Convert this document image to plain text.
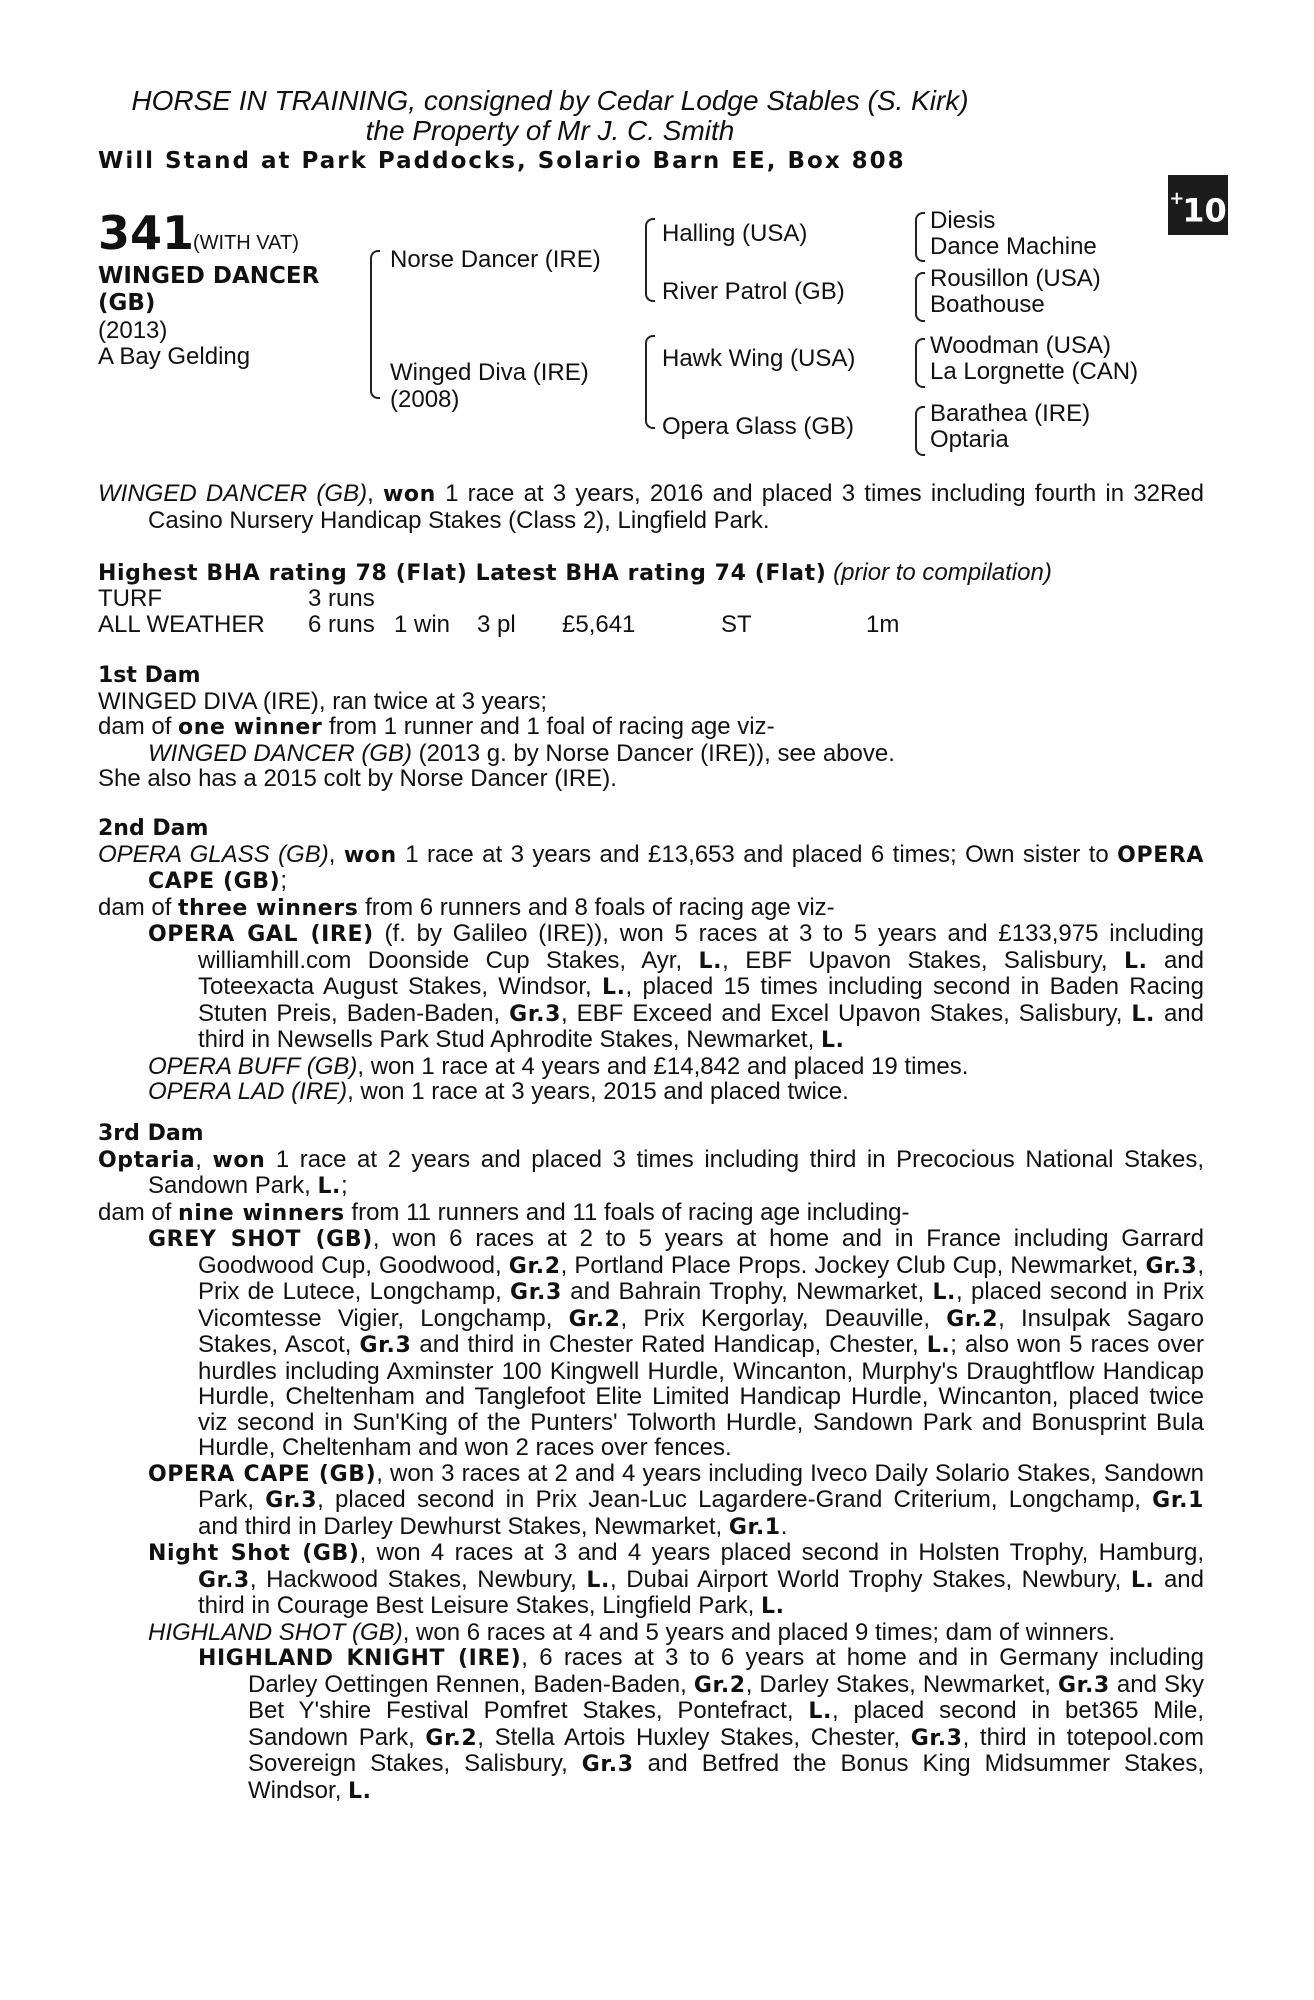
HORSE IN TRAINING, consigned by Cedar Lodge Stables (S. Kirk)
the Property of Mr J. C. Smith
Will Stand at Park Paddocks, Solario Barn EE, Box 808
+10
341
(WITH VAT)
WINGED DANCER
(GB)
(2013)
A Bay Gelding
Norse Dancer (IRE)
Winged Diva (IRE)
(2008)
Halling (USA)
River Patrol (GB)
Hawk Wing (USA)
Opera Glass (GB)
Diesis
Dance Machine
Rousillon (USA)
Boathouse
Woodman (USA)
La Lorgnette (CAN)
Barathea (IRE)
Optaria

WINGED DANCER (GB), won 1 race at 3 years, 2016 and placed 3 times including fourth in 32Red Casino Nursery Handicap Stakes (Class 2), Lingfield Park.

Highest BHA rating 78 (Flat) Latest BHA rating 74 (Flat) (prior to compilation)

TURF	3 runs
ALL WEATHER 6 runs 1 win 3 pl £5,641	ST	1m

1st Dam

WINGED DIVA (IRE), ran twice at 3 years;

dam of one winner from 1 runner and 1 foal of racing age viz-

WINGED DANCER (GB) (2013 g. by Norse Dancer (IRE)), see above.

She also has a 2015 colt by Norse Dancer (IRE).

2nd Dam

OPERA GLASS (GB), won 1 race at 3 years and £13,653 and placed 6 times; Own sister to OPERA CAPE (GB);

dam of three winners from 6 runners and 8 foals of racing age viz-

OPERA GAL (IRE) (f. by Galileo (IRE)), won 5 races at 3 to 5 years and £133,975 including williamhill.com Doonside Cup Stakes, Ayr, L., EBF Upavon Stakes, Salisbury, L. and Toteexacta August Stakes, Windsor, L., placed 15 times including second in Baden Racing Stuten Preis, Baden-Baden, Gr.3, EBF Exceed and Excel Upavon Stakes, Salisbury, L. and third in Newsells Park Stud Aphrodite Stakes, Newmarket, L.

OPERA BUFF (GB), won 1 race at 4 years and £14,842 and placed 19 times.

OPERA LAD (IRE), won 1 race at 3 years, 2015 and placed twice.

3rd Dam

Optaria, won 1 race at 2 years and placed 3 times including third in Precocious National Stakes, Sandown Park, L.;

dam of nine winners from 11 runners and 11 foals of racing age including-

GREY SHOT (GB), won 6 races at 2 to 5 years at home and in France including Garrard Goodwood Cup, Goodwood, Gr.2, Portland Place Props. Jockey Club Cup, Newmarket, Gr.3, Prix de Lutece, Longchamp, Gr.3 and Bahrain Trophy, Newmarket, L., placed second in Prix Vicomtesse Vigier, Longchamp, Gr.2, Prix Kergorlay, Deauville, Gr.2, Insulpak Sagaro Stakes, Ascot, Gr.3 and third in Chester Rated Handicap, Chester, L.; also won 5 races over hurdles including Axminster 100 Kingwell Hurdle, Wincanton, Murphy's Draughtflow Handicap Hurdle, Cheltenham and Tanglefoot Elite Limited Handicap Hurdle, Wincanton, placed twice viz second in Sun'King of the Punters' Tolworth Hurdle, Sandown Park and Bonusprint Bula Hurdle, Cheltenham and won 2 races over fences.

OPERA CAPE (GB), won 3 races at 2 and 4 years including Iveco Daily Solario Stakes, Sandown Park, Gr.3, placed second in Prix Jean-Luc Lagardere-Grand Criterium, Longchamp, Gr.1 and third in Darley Dewhurst Stakes, Newmarket, Gr.1.

Night Shot (GB), won 4 races at 3 and 4 years placed second in Holsten Trophy, Hamburg, Gr.3, Hackwood Stakes, Newbury, L., Dubai Airport World Trophy Stakes, Newbury, L. and third in Courage Best Leisure Stakes, Lingfield Park, L.

HIGHLAND SHOT (GB), won 6 races at 4 and 5 years and placed 9 times; dam of winners.

HIGHLAND KNIGHT (IRE), 6 races at 3 to 6 years at home and in Germany including Darley Oettingen Rennen, Baden-Baden, Gr.2, Darley Stakes, Newmarket, Gr.3 and Sky Bet Y'shire Festival Pomfret Stakes, Pontefract, L., placed second in bet365 Mile, Sandown Park, Gr.2, Stella Artois Huxley Stakes, Chester, Gr.3, third in totepool.com Sovereign Stakes, Salisbury, Gr.3 and Betfred the Bonus King Midsummer Stakes, Windsor, L.
